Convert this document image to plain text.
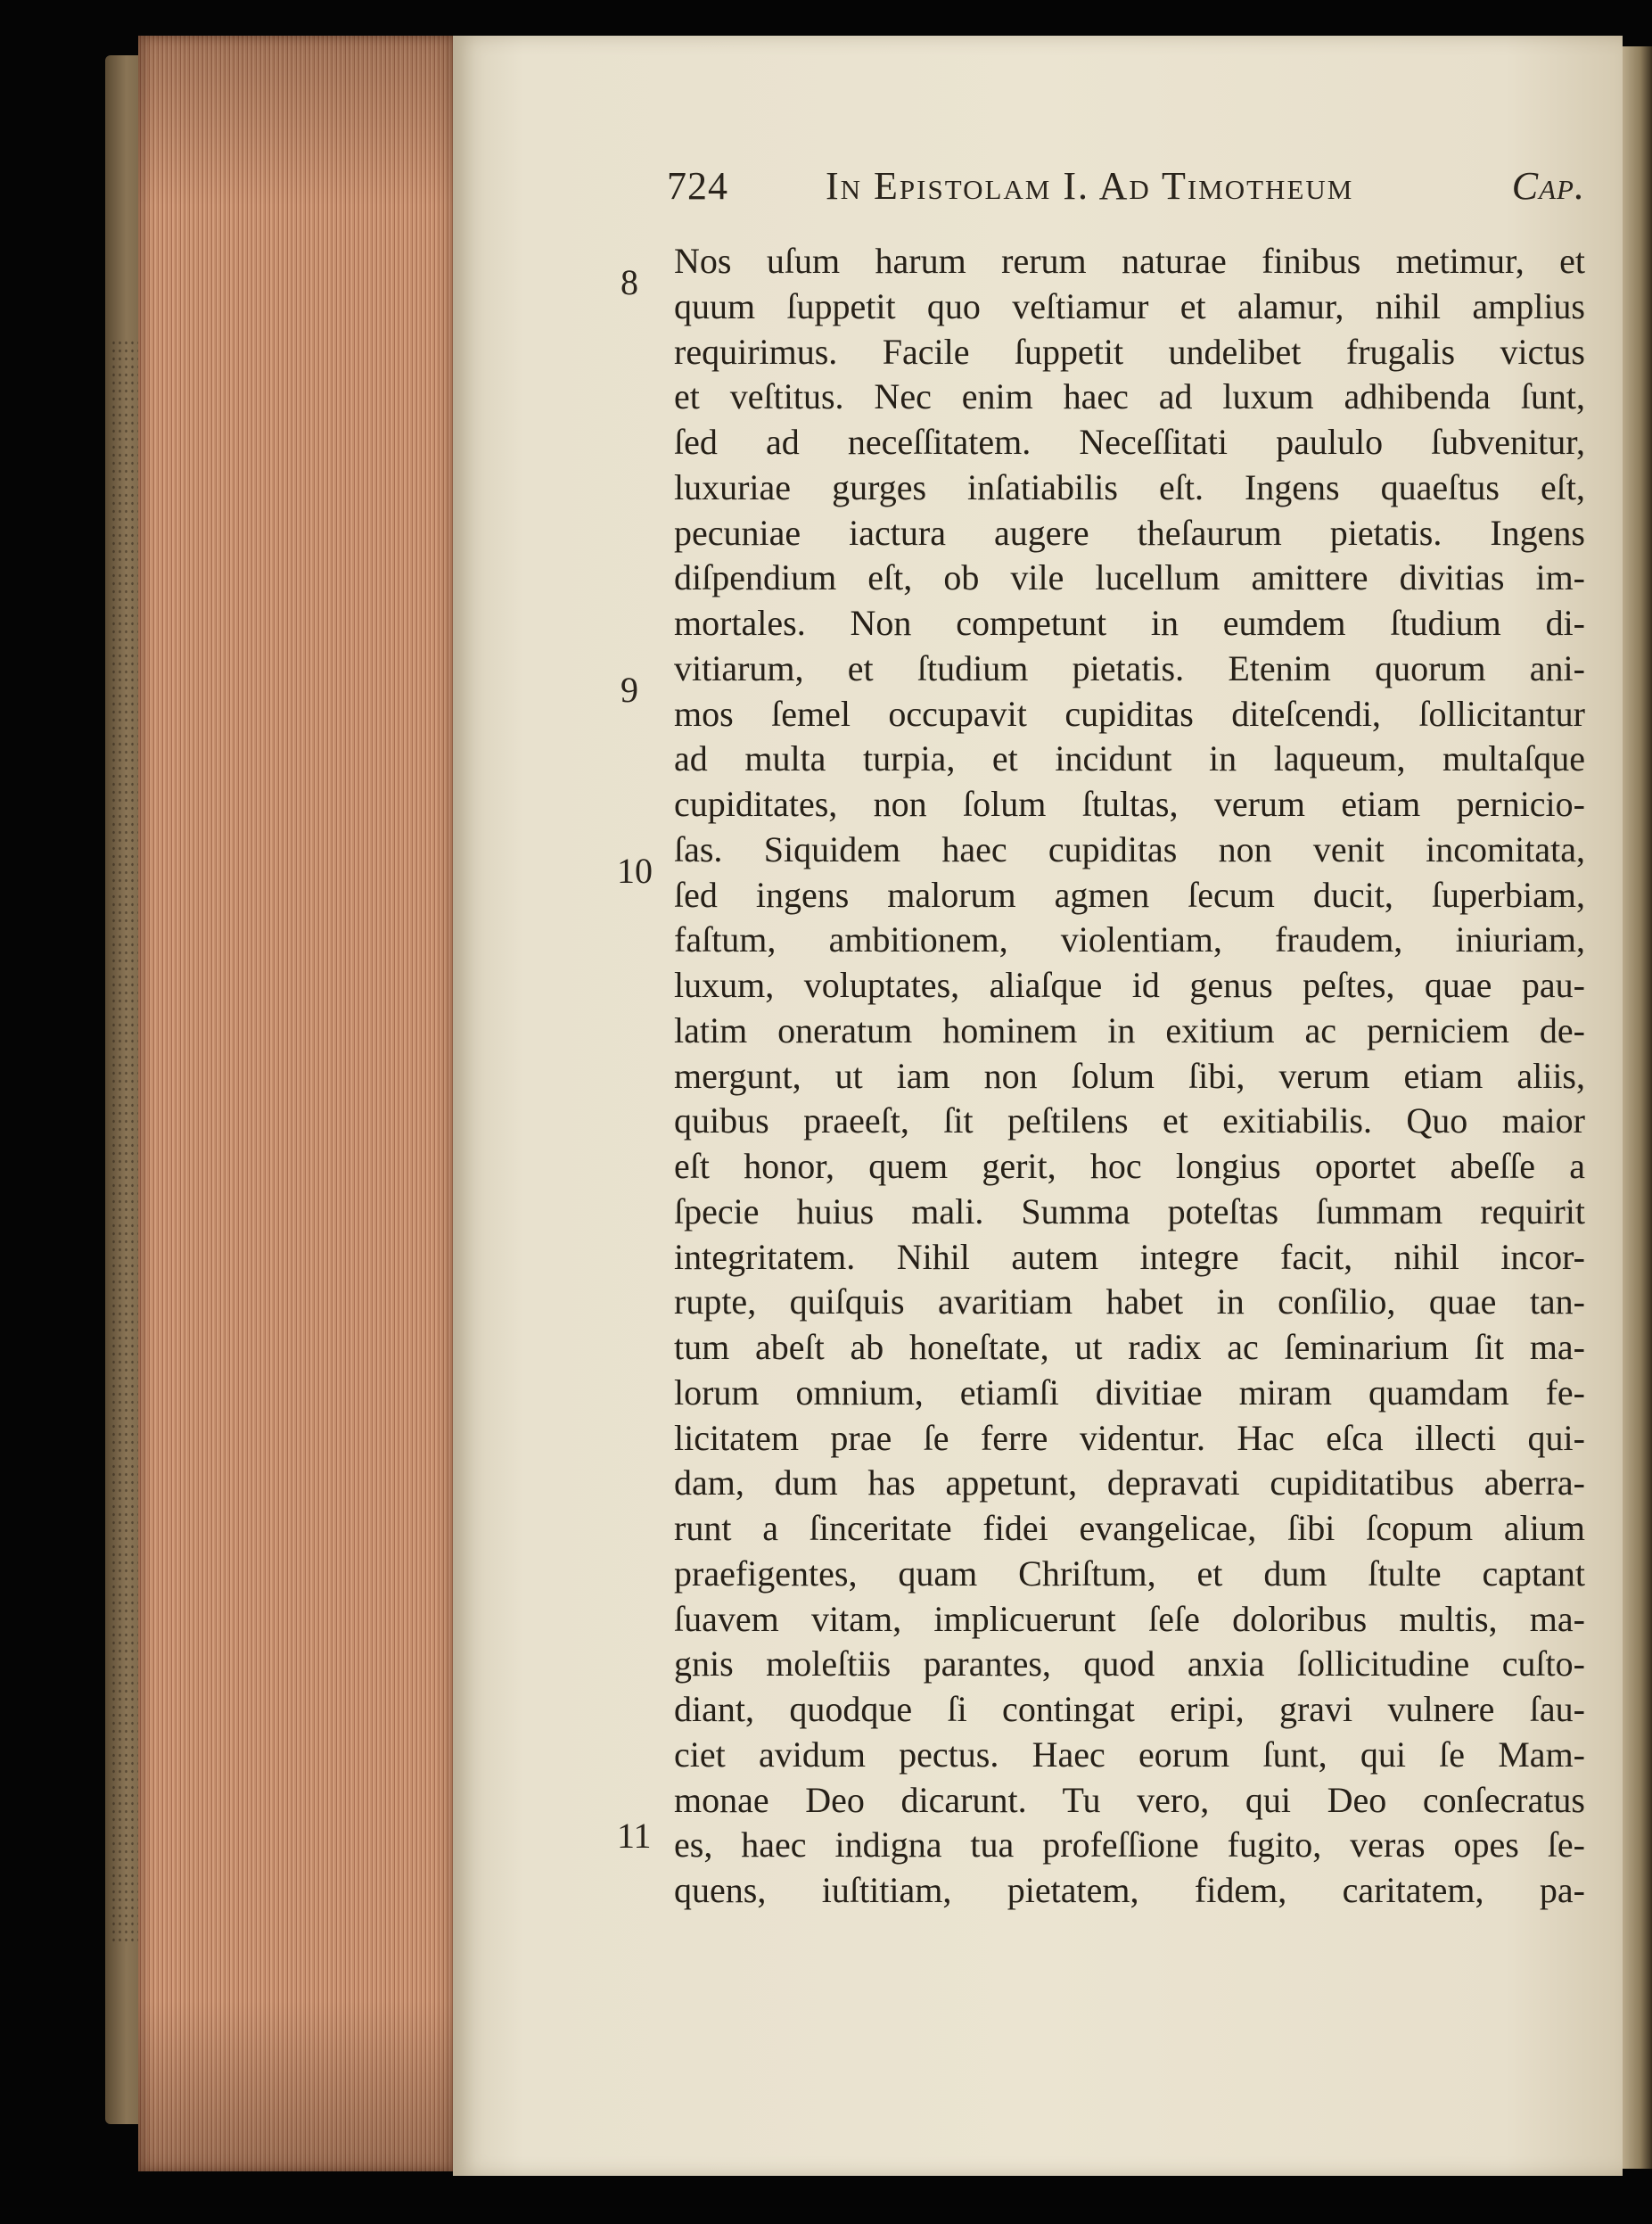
724 In Epistolam I. Ad Timotheum	Cap.
8
9
10
11
Nos uſum harum rerum naturae finibus metimur, et
quum ſuppetit quo veſtiamur et alamur, nihil amplius
requirimus. Facile ſuppetit undelibet frugalis victus
et veſtitus. Nec enim haec ad luxum adhibenda ſunt,
ſed ad neceſſitatem. Neceſſitati paululo ſubvenitur,
luxuriae gurges inſatiabilis eſt. Ingens quaeſtus eſt,
pecuniae iactura augere theſaurum pietatis. Ingens
diſpendium eſt, ob vile lucellum amittere divitias im-
mortales. Non competunt in eumdem ſtudium di-
vitiarum, et ſtudium pietatis. Etenim quorum ani-
mos ſemel occupavit cupiditas diteſcendi, ſollicitantur
ad multa turpia, et incidunt in laqueum, multaſque
cupiditates, non ſolum ſtultas, verum etiam pernicio-
ſas. Siquidem haec cupiditas non venit incomitata,
ſed ingens malorum agmen ſecum ducit, ſuperbiam,
faſtum, ambitionem, violentiam, fraudem, iniuriam,
luxum, voluptates, aliaſque id genus peſtes, quae pau-
latim oneratum hominem in exitium ac perniciem de-
mergunt, ut iam non ſolum ſibi, verum etiam aliis,
quibus praeeſt, ſit peſtilens et exitiabilis. Quo maior
eſt honor, quem gerit, hoc longius oportet abeſſe a
ſpecie huius mali. Summa poteſtas ſummam requirit
integritatem. Nihil autem integre facit, nihil incor-
rupte, quiſquis avaritiam habet in conſilio, quae tan-
tum abeſt ab honeſtate, ut radix ac ſeminarium ſit ma-
lorum omnium, etiamſi divitiae miram quamdam fe-
licitatem prae ſe ferre videntur. Hac eſca illecti qui-
dam, dum has appetunt, depravati cupiditatibus aberra-
runt a ſinceritate fidei evangelicae, ſibi ſcopum alium
praefigentes, quam Chriſtum, et dum ſtulte captant
ſuavem vitam, implicuerunt ſeſe doloribus multis, ma-
gnis moleſtiis parantes, quod anxia ſollicitudine cuſto-
diant, quodque ſi contingat eripi, gravi vulnere ſau-
ciet avidum pectus. Haec eorum ſunt, qui ſe Mam-
monae Deo dicarunt. Tu vero, qui Deo conſecratus
es, haec indigna tua profeſſione fugito, veras opes ſe-
quens, iuſtitiam, pietatem, fidem, caritatem, pa-
